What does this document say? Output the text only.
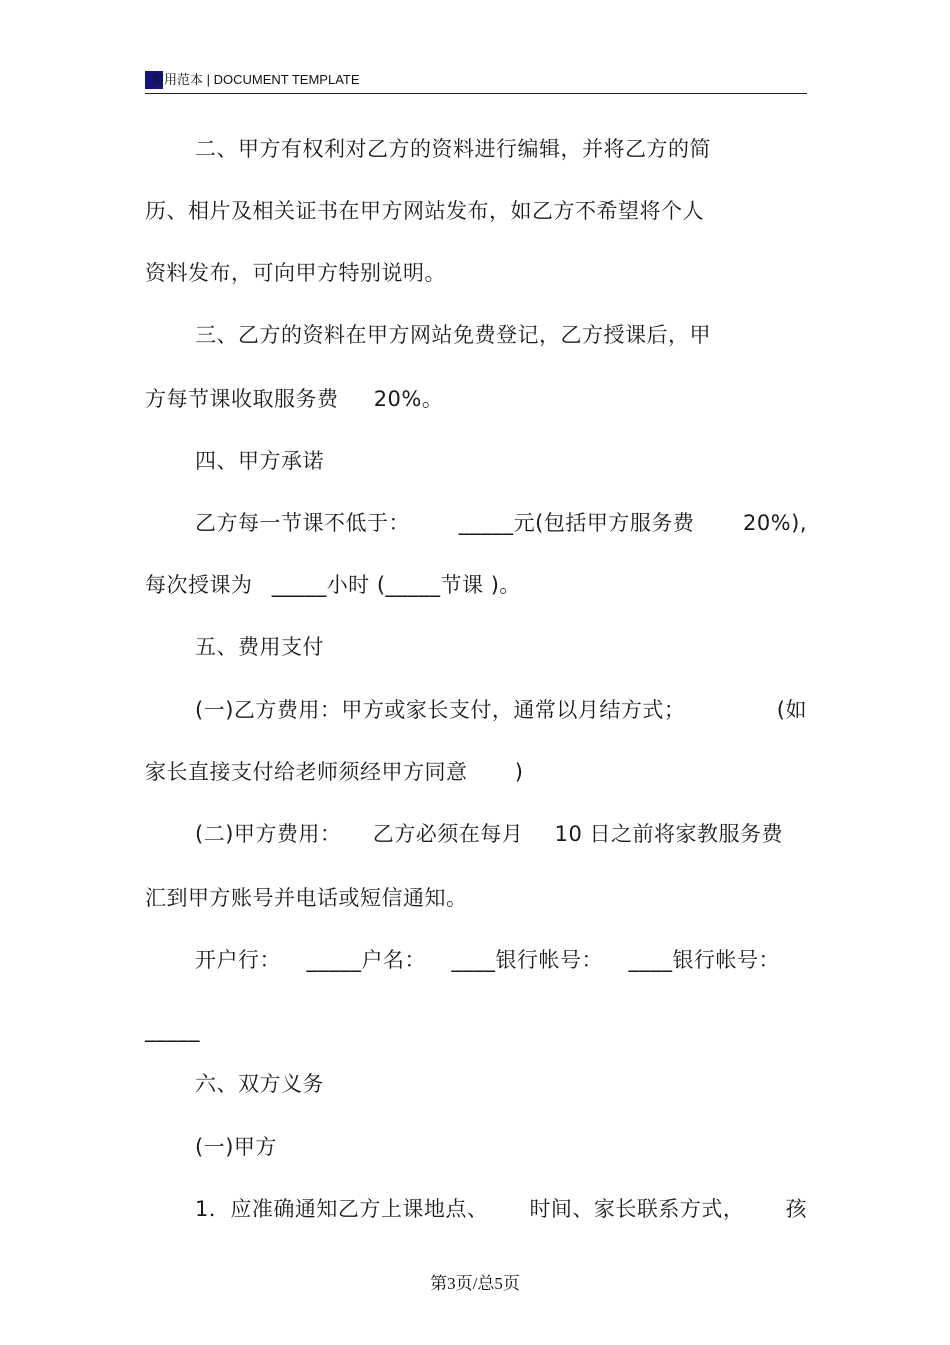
实用范本 | DOCUMENT TEMPLATE
二、甲方有权利对乙方的资料进行编辑，并将乙方的简
历、相片及相关证书在甲方网站发布，如乙方不希望将个人
资料发布，可向甲方特别说明。
三、乙方的资料在甲方网站免费登记，乙方授课后，甲
方每节课收取服务费 20%。
四、甲方承诺
乙方每一节课不低于： _____元(包括甲方服务费 20%),
每次授课为 _____小时 (_____节课 )。
五、费用支付
(一)乙方费用：甲方或家长支付，通常以月结方式；	(如
家长直接支付给老师须经甲方同意 )
(二)甲方费用： 乙方必须在每月 10 日之前将家教服务费
汇到甲方账号并电话或短信通知。
开户行： _____户名： ____银行帐号： ____银行帐号：
_____
六、双方义务
(一)甲方
1．应准确通知乙方上课地点、 时间、家长联系方式， 孩
第3页/总5页
